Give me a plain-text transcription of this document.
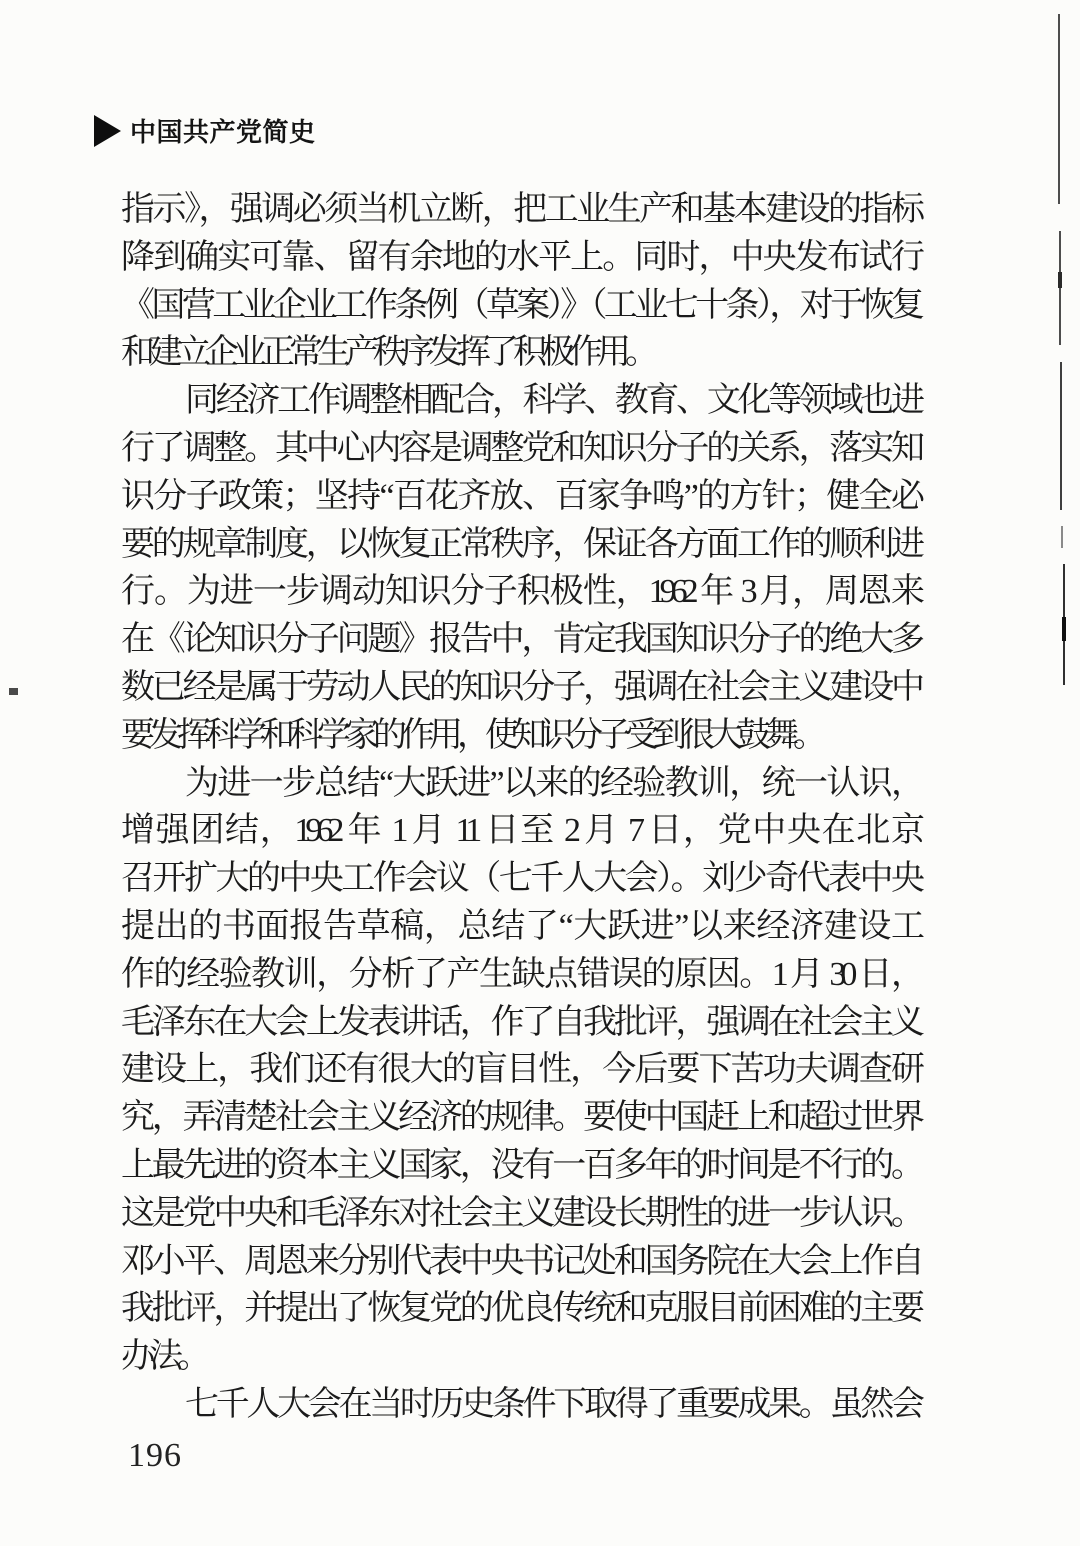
中国共产党简史
指示》，强调必须当机立断，把工业生产和基本建设的指标
降到确实可靠、留有余地的水平上。同时，中央发布试行
《国营工业企业工作条例（草案）》（工业七十条），对于恢复
和建立企业正常生产秩序发挥了积极作用。
同经济工作调整相配合，科学、教育、文化等领域也进
行了调整。其中心内容是调整党和知识分子的关系，落实知
识分子政策；坚持“百花齐放、百家争鸣”的方针；健全必
要的规章制度，以恢复正常秩序，保证各方面工作的顺利进
行。为进一步调动知识分子积极性，1962 年 3 月，周恩来
在《论知识分子问题》报告中，肯定我国知识分子的绝大多
数已经是属于劳动人民的知识分子，强调在社会主义建设中
要发挥科学和科学家的作用，使知识分子受到很大鼓舞。
为进一步总结“大跃进”以来的经验教训，统一认识，
增强团结，1962 年 1 月 11 日至 2 月 7 日，党中央在北京
召开扩大的中央工作会议（七千人大会）。刘少奇代表中央
提出的书面报告草稿，总结了“大跃进”以来经济建设工
作的经验教训，分析了产生缺点错误的原因。1 月 30 日，
毛泽东在大会上发表讲话，作了自我批评，强调在社会主义
建设上，我们还有很大的盲目性，今后要下苦功夫调查研
究，弄清楚社会主义经济的规律。要使中国赶上和超过世界
上最先进的资本主义国家，没有一百多年的时间是不行的。
这是党中央和毛泽东对社会主义建设长期性的进一步认识。
邓小平、周恩来分别代表中央书记处和国务院在大会上作自
我批评，并提出了恢复党的优良传统和克服目前困难的主要
办法。
七千人大会在当时历史条件下取得了重要成果。虽然会
196
